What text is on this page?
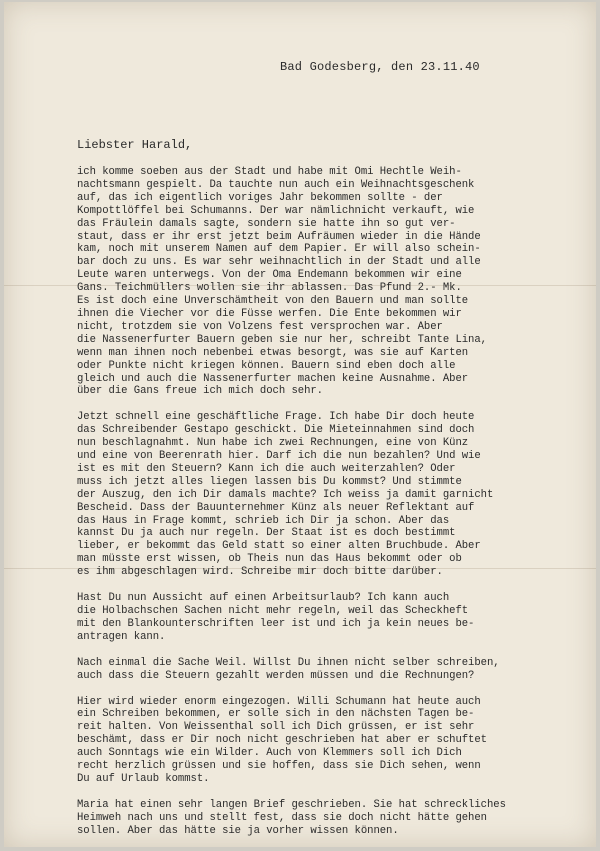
Bad Godesberg, den 23.11.40
Liebster Harald,
ich komme soeben aus der Stadt und habe mit Omi Hechtle Weih-
nachtsmann gespielt. Da tauchte nun auch ein Weihnachtsgeschenk
auf, das ich eigentlich voriges Jahr bekommen sollte - der
Kompottlöffel bei Schumanns. Der war nämlichnicht verkauft, wie
das Fräulein damals sagte, sondern sie hatte ihn so gut ver-
staut, dass er ihr erst jetzt beim Aufräumen wieder in die Hände
kam, noch mit unserem Namen auf dem Papier. Er will also schein-
bar doch zu uns. Es war sehr weihnachtlich in der Stadt und alle
Leute waren unterwegs. Von der Oma Endemann bekommen wir eine
Gans. Teichmüllers wollen sie ihr ablassen. Das Pfund 2.- Mk.
Es ist doch eine Unverschämtheit von den Bauern und man sollte
ihnen die Viecher vor die Füsse werfen. Die Ente bekommen wir
nicht, trotzdem sie von Volzens fest versprochen war. Aber
die Nassenerfurter Bauern geben sie nur her, schreibt Tante Lina,
wenn man ihnen noch nebenbei etwas besorgt, was sie auf Karten
oder Punkte nicht kriegen können. Bauern sind eben doch alle
gleich und auch die Nassenerfurter machen keine Ausnahme. Aber
über die Gans freue ich mich doch sehr.
Jetzt schnell eine geschäftliche Frage. Ich habe Dir doch heute
das Schreibender Gestapo geschickt. Die Mieteinnahmen sind doch
nun beschlagnahmt. Nun habe ich zwei Rechnungen, eine von Künz
und eine von Beerenrath hier. Darf ich die nun bezahlen? Und wie
ist es mit den Steuern? Kann ich die auch weiterzahlen? Oder
muss ich jetzt alles liegen lassen bis Du kommst? Und stimmte
der Auszug, den ich Dir damals machte? Ich weiss ja damit garnicht
Bescheid. Dass der Bauunternehmer Künz als neuer Reflektant auf
das Haus in Frage kommt, schrieb ich Dir ja schon. Aber das
kannst Du ja auch nur regeln. Der Staat ist es doch bestimmt
lieber, er bekommt das Geld statt so einer alten Bruchbude. Aber
man müsste erst wissen, ob Theis nun das Haus bekommt oder ob
es ihm abgeschlagen wird. Schreibe mir doch bitte darüber.
Hast Du nun Aussicht auf einen Arbeitsurlaub? Ich kann auch
die Holbachschen Sachen nicht mehr regeln, weil das Scheckheft
mit den Blankounterschriften leer ist und ich ja kein neues be-
antragen kann.
Nach einmal die Sache Weil. Willst Du ihnen nicht selber schreiben,
auch dass die Steuern gezahlt werden müssen und die Rechnungen?
Hier wird wieder enorm eingezogen. Willi Schumann hat heute auch
ein Schreiben bekommen, er solle sich in den nächsten Tagen be-
reit halten. Von Weissenthal soll ich Dich grüssen, er ist sehr
beschämt, dass er Dir noch nicht geschrieben hat aber er schuftet
auch Sonntags wie ein Wilder. Auch von Klemmers soll ich Dich
recht herzlich grüssen und sie hoffen, dass sie Dich sehen, wenn
Du auf Urlaub kommst.
Maria hat einen sehr langen Brief geschrieben. Sie hat schreckliches
Heimweh nach uns und stellt fest, dass sie doch nicht hätte gehen
sollen. Aber das hätte sie ja vorher wissen können.
